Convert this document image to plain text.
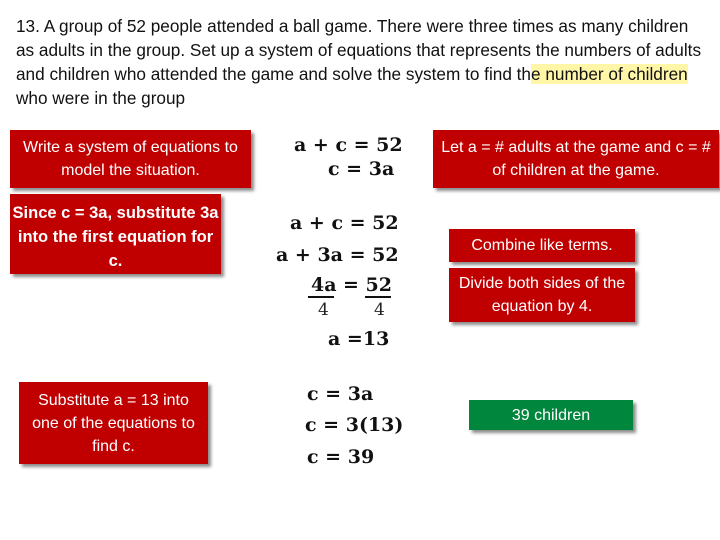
13. A group of 52 people attended a ball game. There were three times as many children as adults in the group. Set up a system of equations that represents the numbers of adults and children who attended the game and solve the system to find the number of children who were in the group
Write a system of equations to model the situation.
Since c = 3a, substitute 3a into the first equation for c.
Substitute a = 13 into one of the equations to find c.
Let a = # adults at the game and c = # of children at the game.
Combine like terms.
Divide both sides of the equation by 4.
39 children
a + c = 52
c = 3a
a + c = 52
a + 3a = 52
4a = 52
4	4
a =13
c = 3a
c = 3(13)
c = 39
